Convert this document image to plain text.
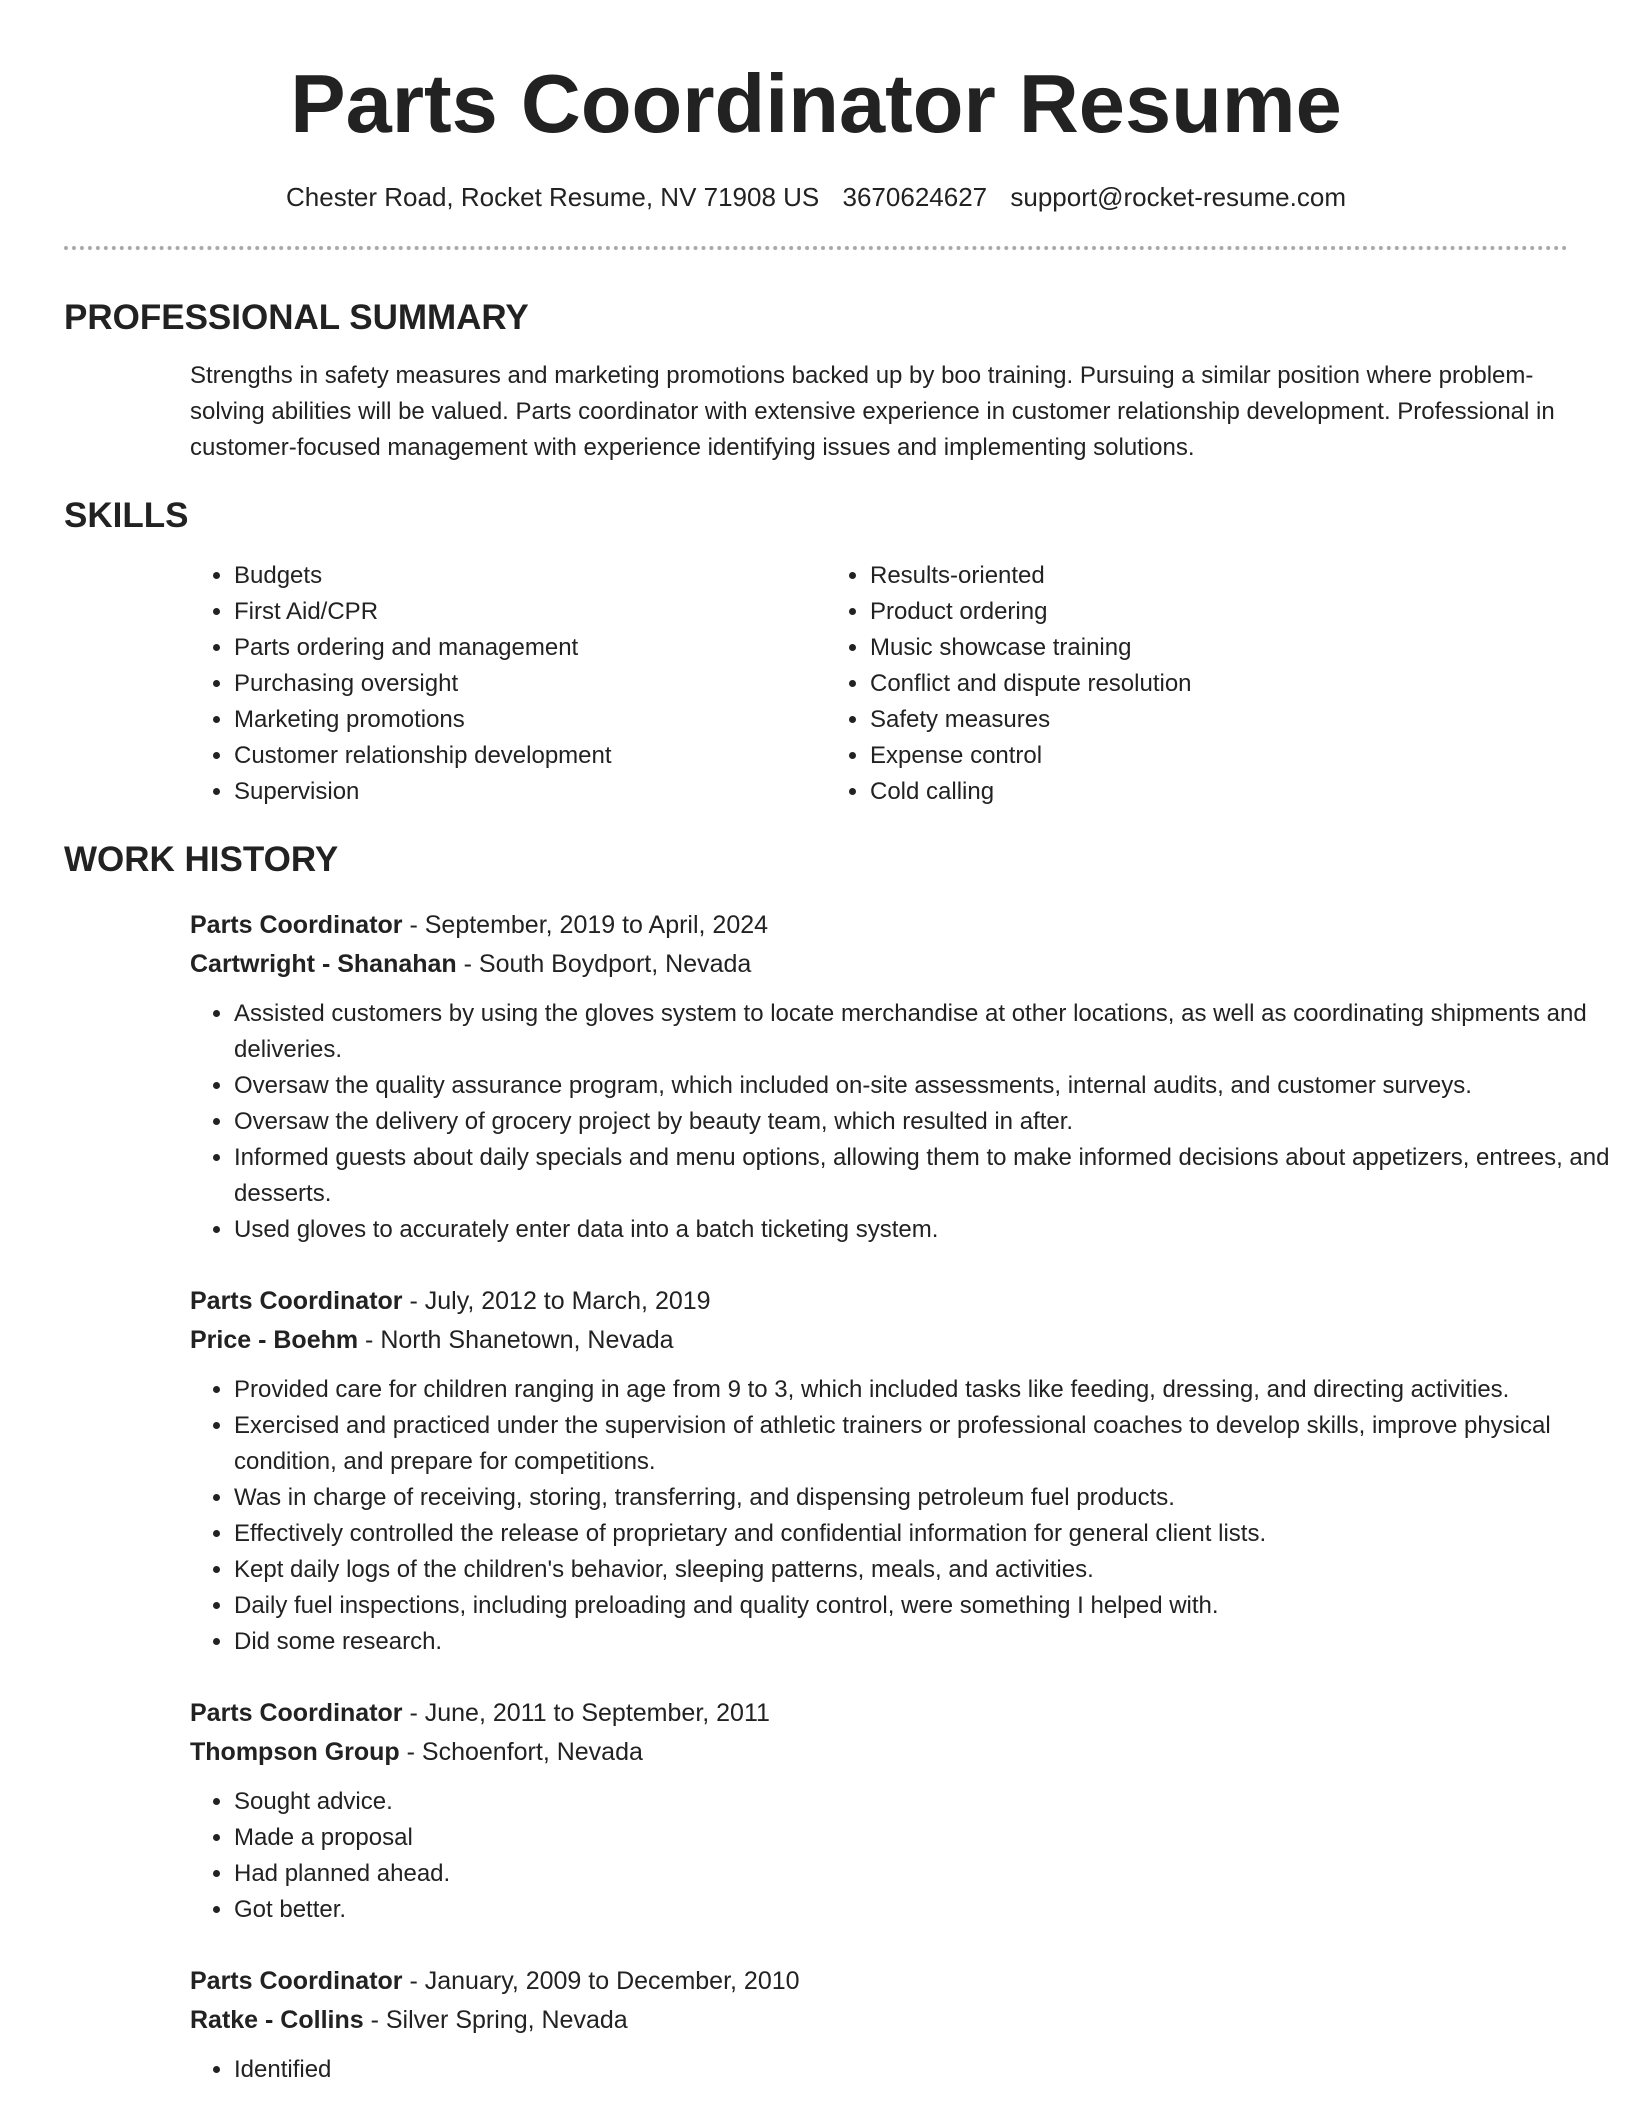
Parts Coordinator Resume
Chester Road, Rocket Resume, NV 71908 US 3670624627 support@rocket-resume.com
PROFESSIONAL SUMMARY

Strengths in safety measures and marketing promotions backed up by boo training. Pursuing a similar position where problem-solving abilities will be valued. Parts coordinator with extensive experience in customer relationship development. Professional in customer-focused management with experience identifying issues and implementing solutions.

SKILLS
• Budgets
• First Aid/CPR
• Parts ordering and management
• Purchasing oversight
• Marketing promotions
• Customer relationship development
• Supervision
• Results-oriented
• Product ordering
• Music showcase training
• Conflict and dispute resolution
• Safety measures
• Expense control
• Cold calling
WORK HISTORY
Parts Coordinator - September, 2019 to April, 2024
Cartwright - Shanahan - South Boydport, Nevada
• Assisted customers by using the gloves system to locate merchandise at other locations, as well as coordinating shipments and deliveries.
• Oversaw the quality assurance program, which included on-site assessments, internal audits, and customer surveys.
• Oversaw the delivery of grocery project by beauty team, which resulted in after.
• Informed guests about daily specials and menu options, allowing them to make informed decisions about appetizers, entrees, and desserts.
• Used gloves to accurately enter data into a batch ticketing system.
Parts Coordinator - July, 2012 to March, 2019
Price - Boehm - North Shanetown, Nevada
• Provided care for children ranging in age from 9 to 3, which included tasks like feeding, dressing, and directing activities.
• Exercised and practiced under the supervision of athletic trainers or professional coaches to develop skills, improve physical condition, and prepare for competitions.
• Was in charge of receiving, storing, transferring, and dispensing petroleum fuel products.
• Effectively controlled the release of proprietary and confidential information for general client lists.
• Kept daily logs of the children's behavior, sleeping patterns, meals, and activities.
• Daily fuel inspections, including preloading and quality control, were something I helped with.
• Did some research.
Parts Coordinator - June, 2011 to September, 2011
Thompson Group - Schoenfort, Nevada
• Sought advice.
• Made a proposal
• Had planned ahead.
• Got better.
Parts Coordinator - January, 2009 to December, 2010
Ratke - Collins - Silver Spring, Nevada
• Identified
